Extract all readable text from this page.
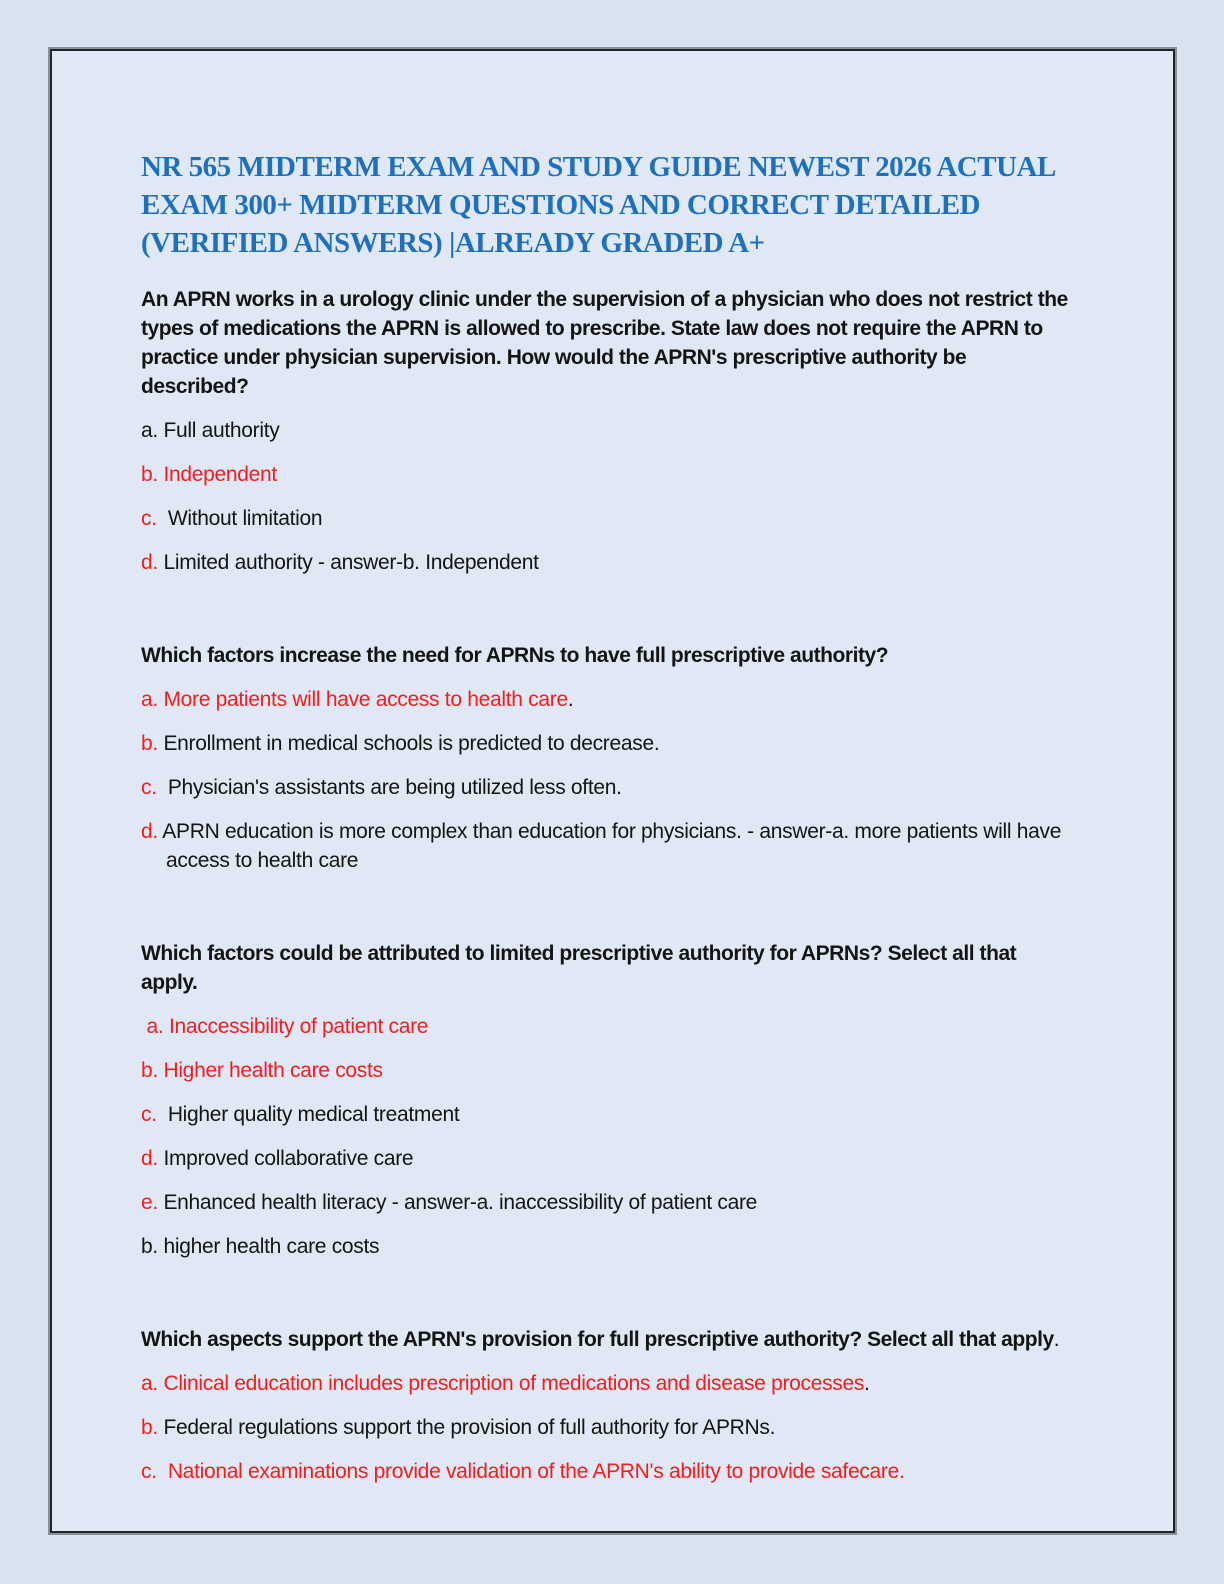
NR 565 MIDTERM EXAM AND STUDY GUIDE NEWEST 2026 ACTUAL EXAM 300+ MIDTERM QUESTIONS AND CORRECT DETAILED (VERIFIED ANSWERS) |ALREADY GRADED A+

An APRN works in a urology clinic under the supervision of a physician who does not restrict the types of medications the APRN is allowed to prescribe. State law does not require the APRN to practice under physician supervision. How would the APRN's prescriptive authority be described?

a. Full authority
b. Independent
c.  Without limitation
d. Limited authority - answer-b. Independent

Which factors increase the need for APRNs to have full prescriptive authority?

a. More patients will have access to health care.
b. Enrollment in medical schools is predicted to decrease.
c.  Physician's assistants are being utilized less often.
d. APRN education is more complex than education for physicians. - answer-a. more patients will have access to health care

Which factors could be attributed to limited prescriptive authority for APRNs? Select all that apply.

a. Inaccessibility of patient care
b. Higher health care costs
c.  Higher quality medical treatment
d. Improved collaborative care
e. Enhanced health literacy - answer-a. inaccessibility of patient care
b. higher health care costs

Which aspects support the APRN's provision for full prescriptive authority? Select all that apply.

a. Clinical education includes prescription of medications and disease processes.
b. Federal regulations support the provision of full authority for APRNs.
c.  National examinations provide validation of the APRN's ability to provide safecare.
